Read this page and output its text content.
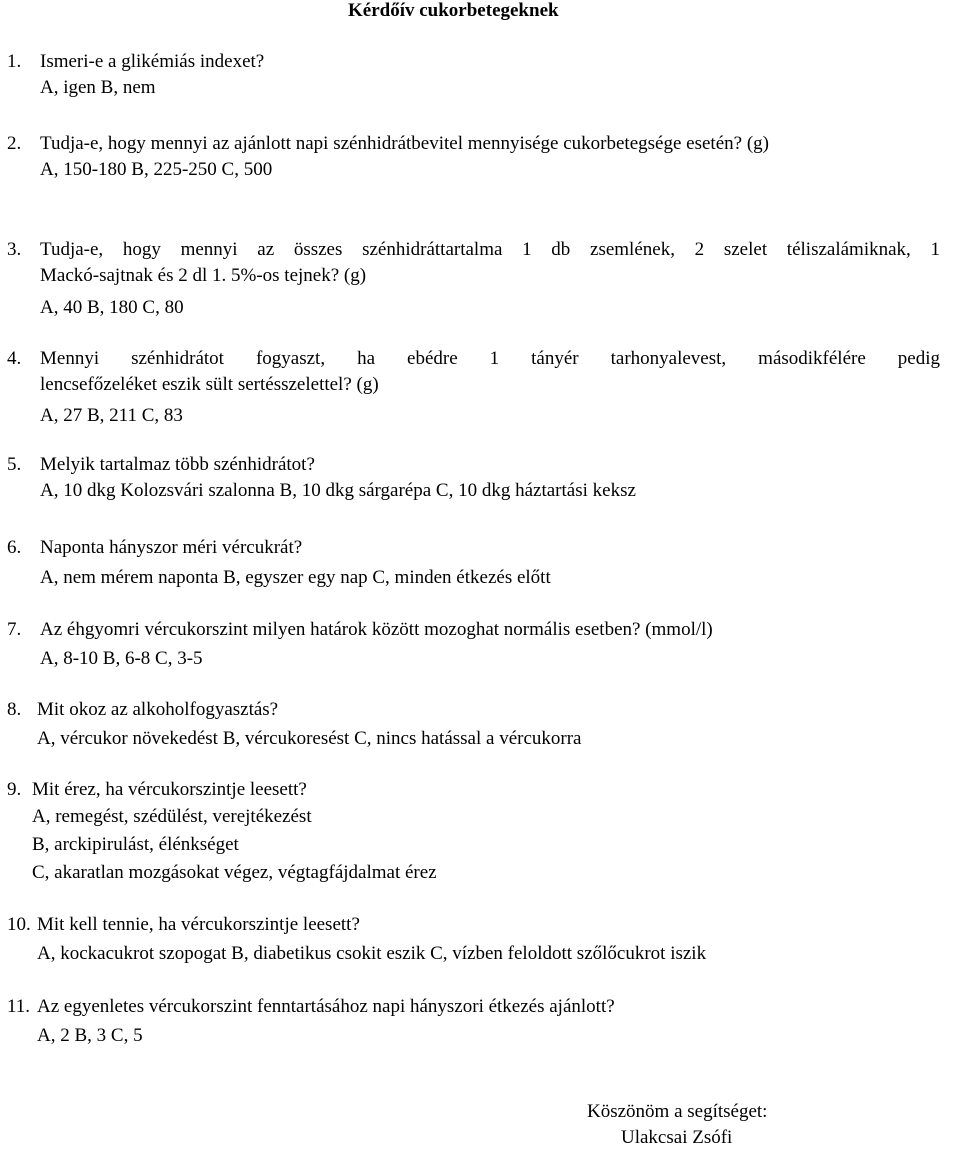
Kérdőív cukorbetegeknek
1. Ismeri-e a glikémiás indexet?
A, igen B, nem
2. Tudja-e, hogy mennyi az ajánlott napi szénhidrátbevitel mennyisége cukorbetegsége esetén? (g)
A, 150-180 B, 225-250 C, 500
3. Tudja-e, hogy mennyi az összes szénhidráttartalma 1 db zsemlének, 2 szelet téliszalámiknak, 1
Mackó-sajtnak és 2 dl 1. 5%-os tejnek? (g)
A, 40 B, 180 C, 80
4. Mennyi szénhidrátot fogyaszt, ha ebédre 1 tányér tarhonyalevest, másodikfélére pedig
lencsefőzeléket eszik sült sertésszelettel? (g)
A, 27 B, 211 C, 83
5. Melyik tartalmaz több szénhidrátot?
A, 10 dkg Kolozsvári szalonna B, 10 dkg sárgarépa C, 10 dkg háztartási keksz
6. Naponta hányszor méri vércukrát?
A, nem mérem naponta B, egyszer egy nap C, minden étkezés előtt
7. Az éhgyomri vércukorszint milyen határok között mozoghat normális esetben? (mmol/l)
A, 8-10 B, 6-8 C, 3-5
8. Mit okoz az alkoholfogyasztás?
A, vércukor növekedést B, vércukoresést C, nincs hatással a vércukorra
9. Mit érez, ha vércukorszintje leesett?
A, remegést, szédülést, verejtékezést
B, arckipirulást, élénkséget
C, akaratlan mozgásokat végez, végtagfájdalmat érez
10. Mit kell tennie, ha vércukorszintje leesett?
A, kockacukrot szopogat B, diabetikus csokit eszik C, vízben feloldott szőlőcukrot iszik
11. Az egyenletes vércukorszint fenntartásához napi hányszori étkezés ajánlott?
A, 2 B, 3 C, 5
Köszönöm a segítséget:
Ulakcsai Zsófi
